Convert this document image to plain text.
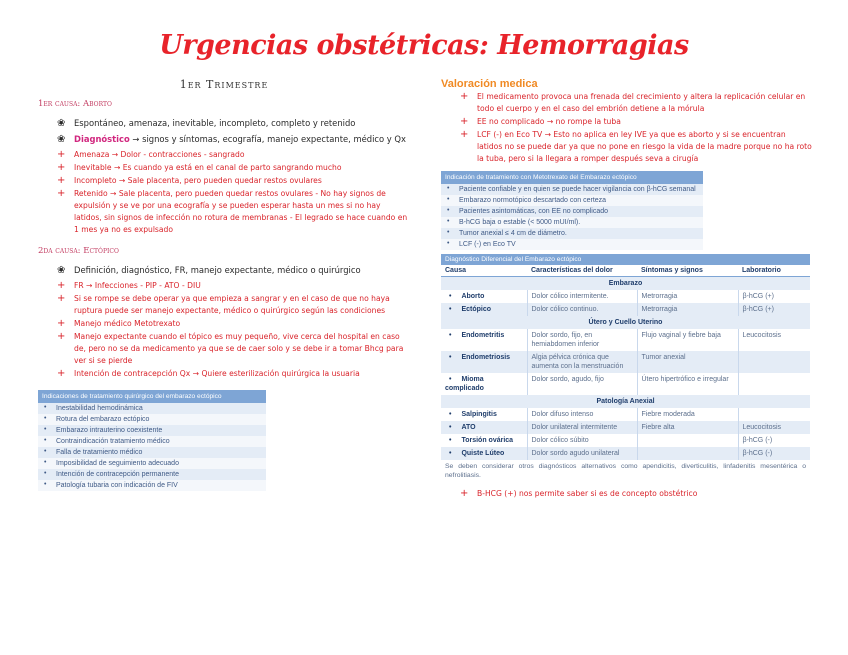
Urgencias obstétricas: Hemorragias
1er Trimestre
1er causa: Aborto
❀ Espontáneo, amenaza, inevitable, incompleto, completo y retenido
❀ Diagnóstico → signos y síntomas, ecografía, manejo expectante, médico y Qx
+ Amenaza → Dolor - contracciones - sangrado
+ Inevitable → Es cuando ya está en el canal de parto sangrando mucho
+ Incompleto → Sale placenta, pero pueden quedar restos ovulares
+ Retenido → Sale placenta, pero pueden quedar restos ovulares - No hay signos de expulsión y se ve por una ecografía y se pueden esperar hasta un mes si no hay latidos, sin signos de infección no rotura de membranas - El legrado se hace cuando en 1 mes ya no es expulsado
2da causa: Ectópico
❀ Definición, diagnóstico, FR, manejo expectante, médico o quirúrgico
+ FR → Infecciones - PIP - ATO - DIU
+ Si se rompe se debe operar ya que empieza a sangrar y en el caso de que no haya ruptura puede ser manejo expectante, médico o quirúrgico según las condiciones
+ Manejo médico Metotrexato
+ Manejo expectante cuando el tópico es muy pequeño, vive cerca del hospital en caso de, pero no se da medicamento ya que se de caer solo y se debe ir a tomar Bhcg para ver si se pierde
+ Intención de contracepción Qx → Quiere esterilización quirúrgica la usuaria
Indicaciones de tratamiento quirúrgico del embarazo ectópico

• Inestabilidad hemodinámica

• Rotura del embarazo ectópico

• Embarazo intrauterino coexistente

• Contraindicación tratamiento médico

• Falla de tratamiento médico

• Imposibilidad de seguimiento adecuado

• Intención de contracepción permanente

• Patología tubaria con indicación de FIV
Valoración medica
+ El medicamento provoca una frenada del crecimiento y altera la replicación celular en todo el cuerpo y en el caso del embrión detiene a la mórula
+ EE no complicado → no rompe la tuba
+ LCF (-) en Eco TV → Esto no aplica en ley IVE ya que es aborto y si se encuentran latidos no se puede dar ya que no pone en riesgo la vida de la madre porque no ha roto la tuba, pero si la llegara a romper después seva a cirugía
Indicación de tratamiento con Metotrexato del Embarazo ectópico

• Paciente confiable y en quien se puede hacer vigilancia con β-hCG semanal

• Embarazo normotópico descartado con certeza

• Pacientes asintomáticas, con EE no complicado

• B-hCG baja o estable (< 5000 mUI/ml).

• Tumor anexial ≤ 4 cm de diámetro.

• LCF (-) en Eco TV
Diagnóstico Diferencial del Embarazo ectópico			
Causa	Características del dolor	Síntomas y signos	Laboratorio
Embarazo			
• Aborto	Dolor cólico intermitente.	Metrorragia	β-hCG (+)
• Ectópico	Dolor cólico continuo.	Metrorragia	β-hCG (+)
Útero y Cuello Uterino			
• Endometritis	Dolor sordo, fijo, en hemiabdomen inferior	Flujo vaginal y fiebre baja	Leucocitosis
• Endometriosis	Algia pélvica crónica que aumenta con la menstruación	Tumor anexial	
• Mioma complicado	Dolor sordo, agudo, fijo	Útero hipertrófico e irregular	
Patología Anexial			
• Salpingitis	Dolor difuso intenso	Fiebre moderada	
• ATO	Dolor unilateral intermitente	Fiebre alta	Leucocitosis
• Torsión ovárica	Dolor cólico súbito		β-hCG (-)
• Quiste Lúteo	Dolor sordo agudo unilateral		β-hCG (-)
Se deben considerar otros diagnósticos alternativos como apendicitis, diverticulitis, linfadenitis mesentérica o nefrolitiasis.			
+ B-HCG (+) nos permite saber si es de concepto obstétrico
